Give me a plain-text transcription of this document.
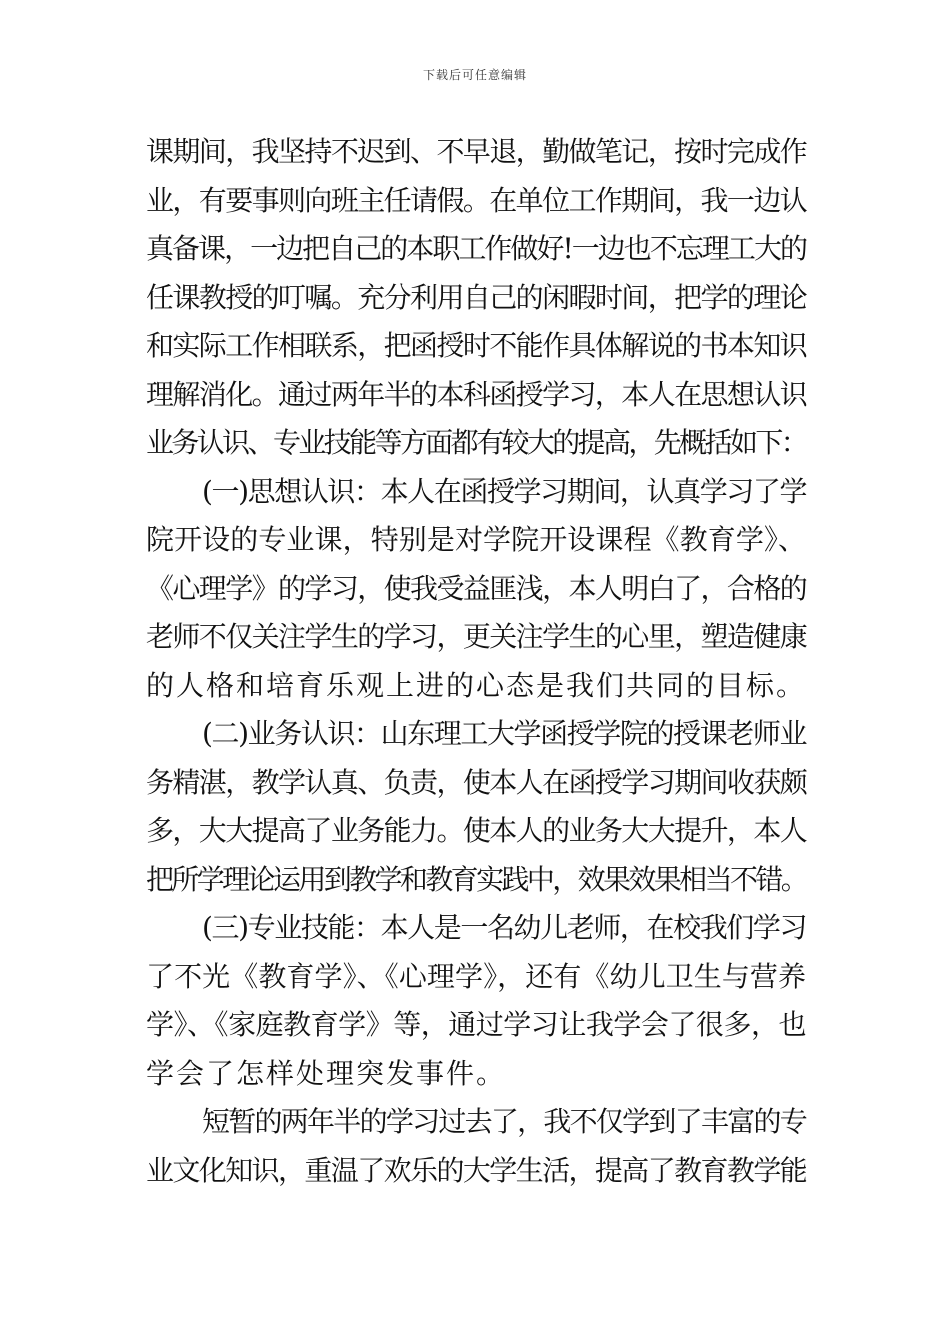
下载后可任意编辑
课期间，我坚持不迟到、不早退，勤做笔记，按时完成作
业，有要事则向班主任请假。在单位工作期间，我一边认
真备课，一边把自己的本职工作做好!一边也不忘理工大的
任课教授的叮嘱。充分利用自己的闲暇时间，把学的理论
和实际工作相联系，把函授时不能作具体解说的书本知识
理解消化。通过两年半的本科函授学习，本人在思想认识
业务认识、专业技能等方面都有较大的提高，先概括如下：
(一)思想认识：本人在函授学习期间，认真学习了学
院开设的专业课，特别是对学院开设课程《教育学》、
《心理学》的学习，使我受益匪浅，本人明白了，合格的
老师不仅关注学生的学习，更关注学生的心里，塑造健康
的人格和培育乐观上进的心态是我们共同的目标。
(二)业务认识：山东理工大学函授学院的授课老师业
务精湛，教学认真、负责，使本人在函授学习期间收获颇
多，大大提高了业务能力。使本人的业务大大提升，本人
把所学理论运用到教学和教育实践中，效果效果相当不错。
(三)专业技能：本人是一名幼儿老师，在校我们学习
了不光《教育学》、《心理学》，还有《幼儿卫生与营养
学》、《家庭教育学》等，通过学习让我学会了很多，也
学会了怎样处理突发事件。
短暂的两年半的学习过去了，我不仅学到了丰富的专
业文化知识，重温了欢乐的大学生活，提高了教育教学能
